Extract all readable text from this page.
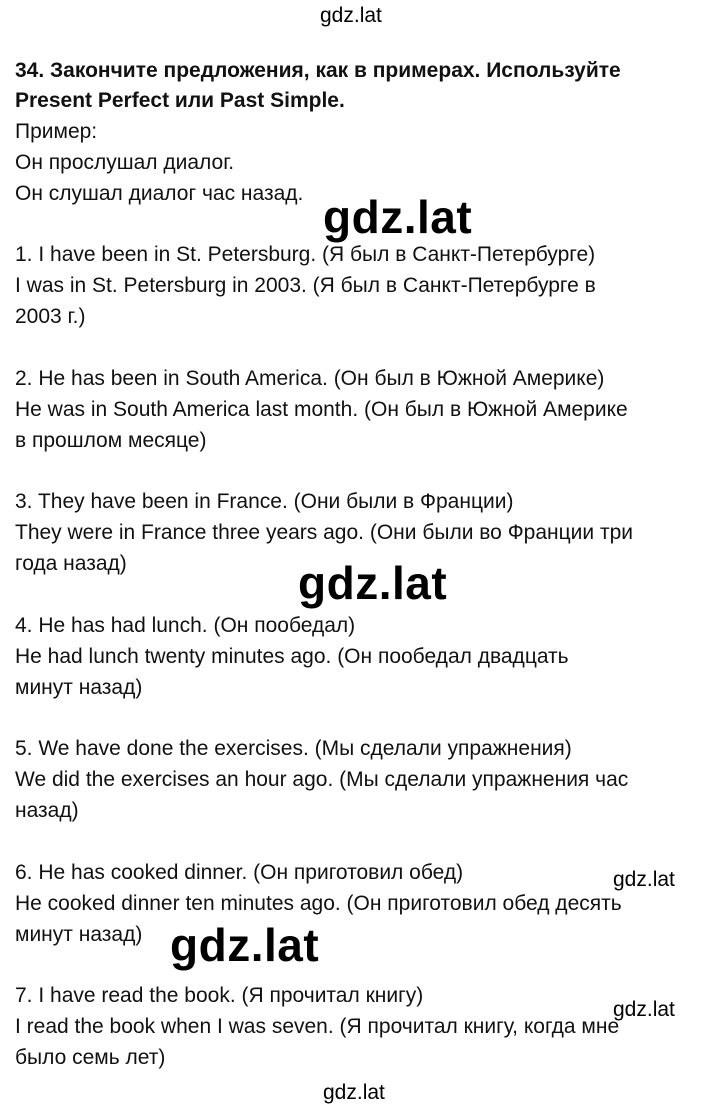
gdz.lat
gdz.lat
gdz.lat
gdz.lat
gdz.lat
gdz.lat
gdz.lat
34. Закончите предложения, как в примерах. Используйте
Present Perfect или Past Simple.
Пример:
Он прослушал диалог.
Он слушал диалог час назад.
1. I have been in St. Petersburg. (Я был в Санкт-Петербурге)
I was in St. Petersburg in 2003. (Я был в Санкт-Петербурге в
2003 г.)
2. He has been in South America. (Он был в Южной Америке)
He was in South America last month. (Он был в Южной Америке
в прошлом месяце)
3. They have been in France. (Они были в Франции)
They were in France three years ago. (Они были во Франции три
года назад)
4. He has had lunch. (Он пообедал)
He had lunch twenty minutes ago. (Он пообедал двадцать
минут назад)
5. We have done the exercises. (Мы сделали упражнения)
We did the exercises an hour ago. (Мы сделали упражнения час
назад)
6. He has cooked dinner. (Он приготовил обед)
He cooked dinner ten minutes ago. (Он приготовил обед десять
минут назад)
7. I have read the book. (Я прочитал книгу)
I read the book when I was seven. (Я прочитал книгу, когда мне
было семь лет)
